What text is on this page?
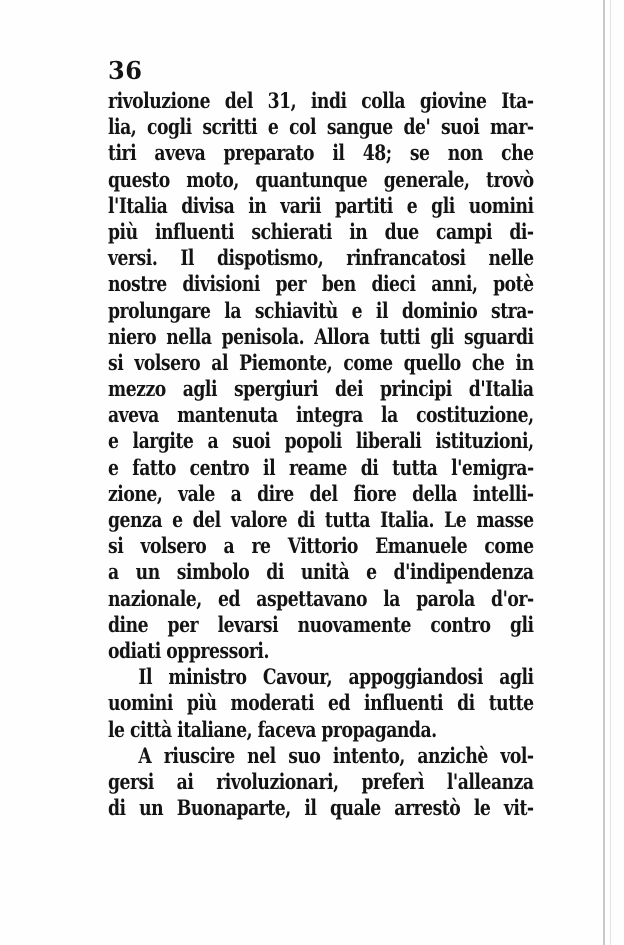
36
rivoluzione del 31, indi colla giovine Ita-
lia, cogli scritti e col sangue de' suoi mar-
tiri aveva preparato il 48; se non che
questo moto, quantunque generale, trovò
l'Italia divisa in varii partiti e gli uomini
più influenti schierati in due campi di-
versi. Il dispotismo, rinfrancatosi nelle
nostre divisioni per ben dieci anni, potè
prolungare la schiavitù e il dominio stra-
niero nella penisola. Allora tutti gli sguardi
si volsero al Piemonte, come quello che in
mezzo agli spergiuri dei principi d'Italia
aveva mantenuta integra la costituzione,
e largite a suoi popoli liberali istituzioni,
e fatto centro il reame di tutta l'emigra-
zione, vale a dire del fiore della intelli-
genza e del valore di tutta Italia. Le masse
si volsero a re Vittorio Emanuele come
a un simbolo di unità e d'indipendenza
nazionale, ed aspettavano la parola d'or-
dine per levarsi nuovamente contro gli
odiati oppressori.
Il ministro Cavour, appoggiandosi agli
uomini più moderati ed influenti di tutte
le città italiane, faceva propaganda.
A riuscire nel suo intento, anzichè vol-
gersi ai rivoluzionari, preferì l'alleanza
di un Buonaparte, il quale arrestò le vit-
